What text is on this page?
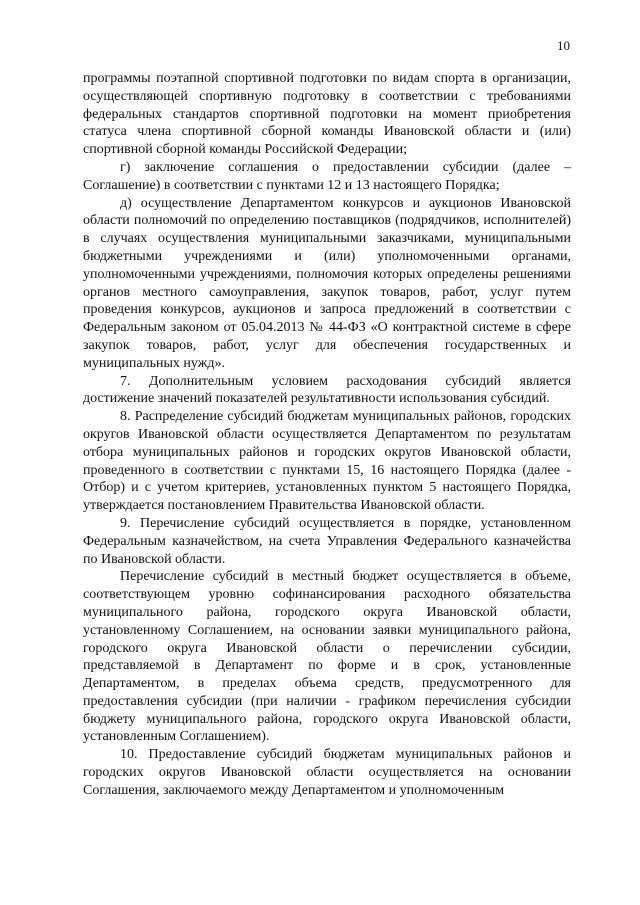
10

программы поэтапной спортивной подготовки по видам спорта в организации, осуществляющей спортивную подготовку в соответствии с требованиями федеральных стандартов спортивной подготовки на момент приобретения статуса члена спортивной сборной команды Ивановской области и (или) спортивной сборной команды Российской Федерации;

г) заключение соглашения о предоставлении субсидии (далее – Соглашение) в соответствии с пунктами 12 и 13 настоящего Порядка;

д) осуществление Департаментом конкурсов и аукционов Ивановской области полномочий по определению поставщиков (подрядчиков, исполнителей) в случаях осуществления муниципальными заказчиками, муниципальными бюджетными учреждениями и (или) уполномоченными органами, уполномоченными учреждениями, полномочия которых определены решениями органов местного самоуправления, закупок товаров, работ, услуг путем проведения конкурсов, аукционов и запроса предложений в соответствии с Федеральным законом от 05.04.2013 № 44-ФЗ «О контрактной системе в сфере закупок товаров, работ, услуг для обеспечения государственных и муниципальных нужд».

7. Дополнительным условием расходования субсидий является достижение значений показателей результативности использования субсидий.

8. Распределение субсидий бюджетам муниципальных районов, городских округов Ивановской области осуществляется Департаментом по результатам отбора муниципальных районов и городских округов Ивановской области, проведенного в соответствии с пунктами 15, 16 настоящего Порядка (далее - Отбор) и с учетом критериев, установленных пунктом 5 настоящего Порядка, утверждается постановлением Правительства Ивановской области.

9. Перечисление субсидий осуществляется в порядке, установленном Федеральным казначейством, на счета Управления Федерального казначейства по Ивановской области.

Перечисление субсидий в местный бюджет осуществляется в объеме, соответствующем уровню софинансирования расходного обязательства муниципального района, городского округа Ивановской области, установленному Соглашением, на основании заявки муниципального района, городского округа Ивановской области о перечислении субсидии, представляемой в Департамент по форме и в срок, установленные Департаментом, в пределах объема средств, предусмотренного для предоставления субсидии (при наличии - графиком перечисления субсидии бюджету муниципального района, городского округа Ивановской области, установленным Соглашением).

10. Предоставление субсидий бюджетам муниципальных районов и городских округов Ивановской области осуществляется на основании Соглашения, заключаемого между Департаментом и уполномоченным
